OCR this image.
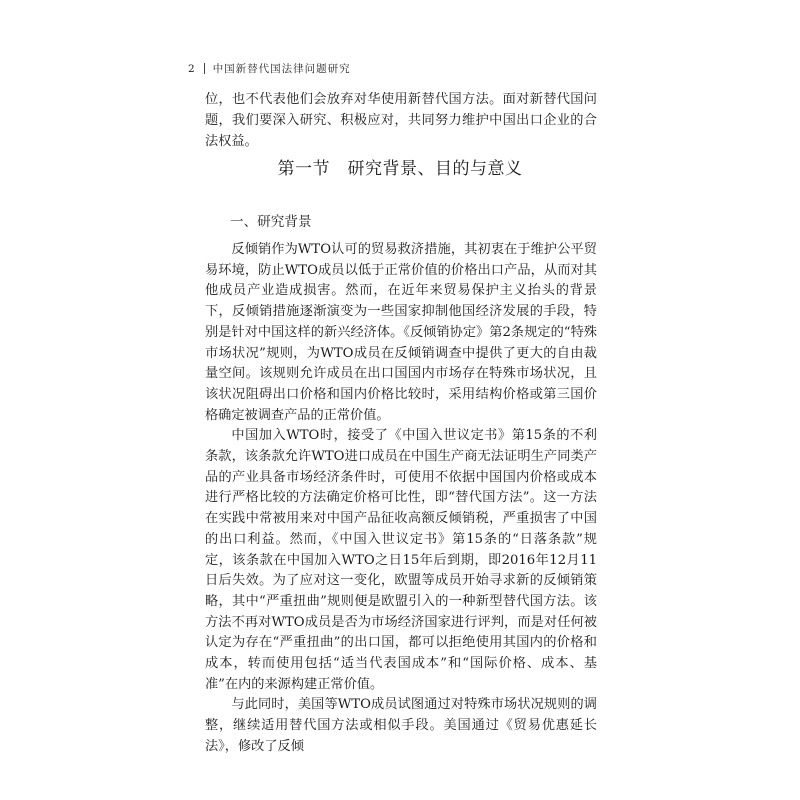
2 中国新替代国法律问题研究

位，也不代表他们会放弃对华使用新替代国方法。面对新替代国问题，我们要深入研究、积极应对，共同努力维护中国出口企业的合法权益。

第一节　研究背景、目的与意义
一、研究背景

反倾销作为WTO认可的贸易救济措施，其初衷在于维护公平贸易环境，防止WTO成员以低于正常价值的价格出口产品，从而对其他成员产业造成损害。然而，在近年来贸易保护主义抬头的背景下，反倾销措施逐渐演变为一些国家抑制他国经济发展的手段，特别是针对中国这样的新兴经济体。《反倾销协定》第2条规定的“特殊市场状况”规则，为WTO成员在反倾销调查中提供了更大的自由裁量空间。该规则允许成员在出口国国内市场存在特殊市场状况，且该状况阻碍出口价格和国内价格比较时，采用结构价格或第三国价格确定被调查产品的正常价值。

中国加入WTO时，接受了《中国入世议定书》第15条的不利条款，该条款允许WTO进口成员在中国生产商无法证明生产同类产品的产业具备市场经济条件时，可使用不依据中国国内价格或成本进行严格比较的方法确定价格可比性，即“替代国方法”。这一方法在实践中常被用来对中国产品征收高额反倾销税，严重损害了中国的出口利益。然而，《中国入世议定书》第15条的“日落条款”规定，该条款在中国加入WTO之日15年后到期，即2016年12月11日后失效。为了应对这一变化，欧盟等成员开始寻求新的反倾销策略，其中“严重扭曲”规则便是欧盟引入的一种新型替代国方法。该方法不再对WTO成员是否为市场经济国家进行评判，而是对任何被认定为存在“严重扭曲”的出口国，都可以拒绝使用其国内的价格和成本，转而使用包括“适当代表国成本”和“国际价格、成本、基准”在内的来源构建正常价值。

与此同时，美国等WTO成员试图通过对特殊市场状况规则的调整，继续适用替代国方法或相似手段。美国通过《贸易优惠延长法》，修改了反倾
